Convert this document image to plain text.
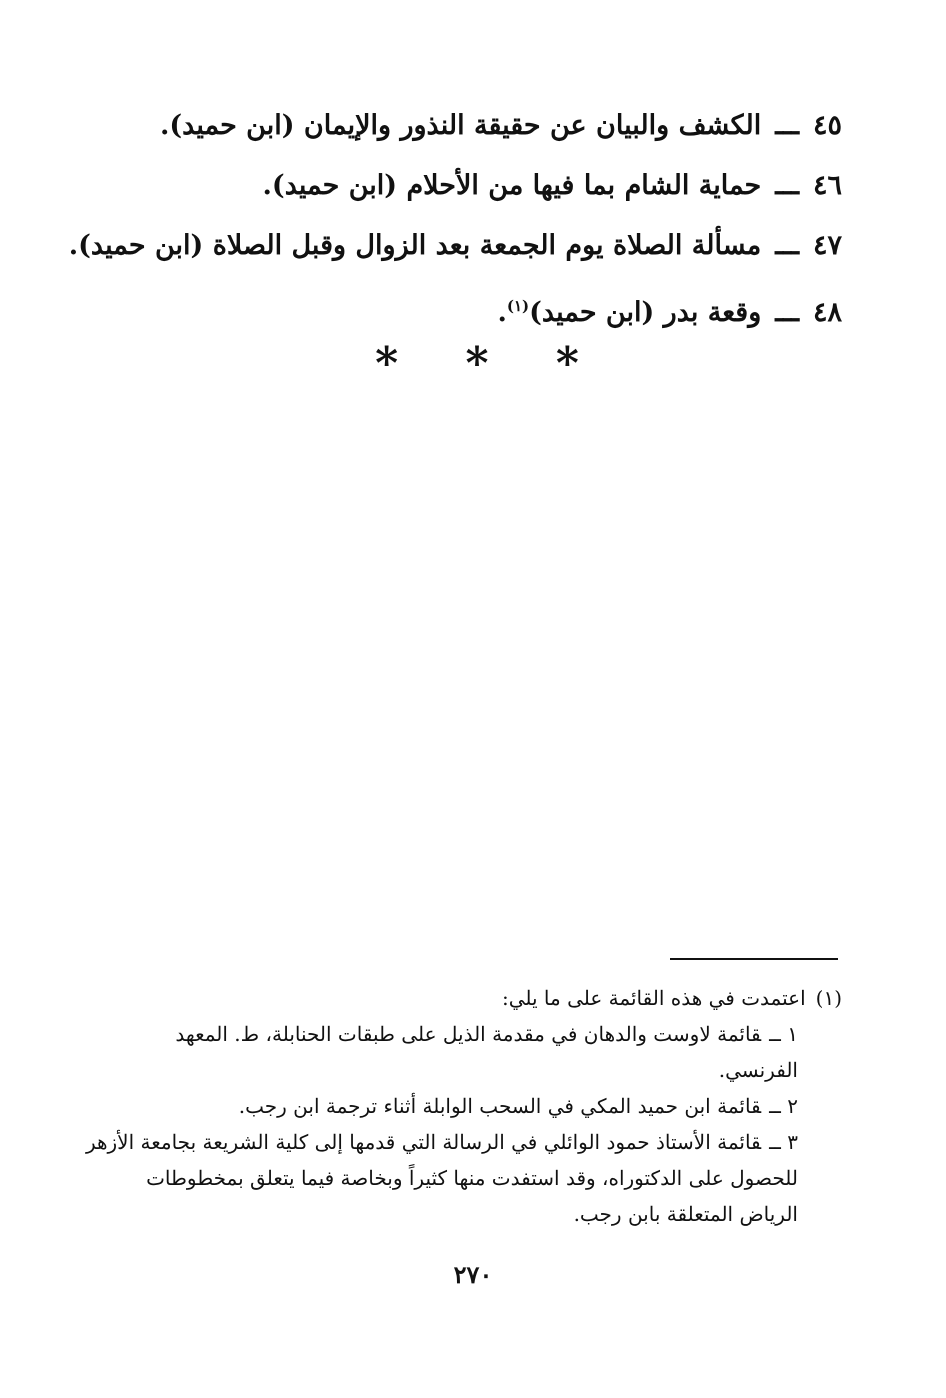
٤٥ـــالكشف والبيان عن حقيقة النذور والإيمان (ابن حميد).
٤٦ـــحماية الشام بما فيها من الأحلام (ابن حميد).
٤٧ـــمسألة الصلاة يوم الجمعة بعد الزوال وقبل الصلاة (ابن حميد).
٤٨ـــوقعة بدر (ابن حميد)$^{(١)}$.
* * *
(١)اعتمدت في هذه القائمة على ما يلي:
١ ــقائمة لاوست والدهان في مقدمة الذيل على طبقات الحنابلة، ط. المعهد
الفرنسي.
٢ ــقائمة ابن حميد المكي في السحب الوابلة أثناء ترجمة ابن رجب.
٣ ــقائمة الأستاذ حمود الوائلي في الرسالة التي قدمها إلى كلية الشريعة بجامعة الأزهر
للحصول على الدكتوراه، وقد استفدت منها كثيراً وبخاصة فيما يتعلق بمخطوطات
الرياض المتعلقة بابن رجب.
٢٧٠
